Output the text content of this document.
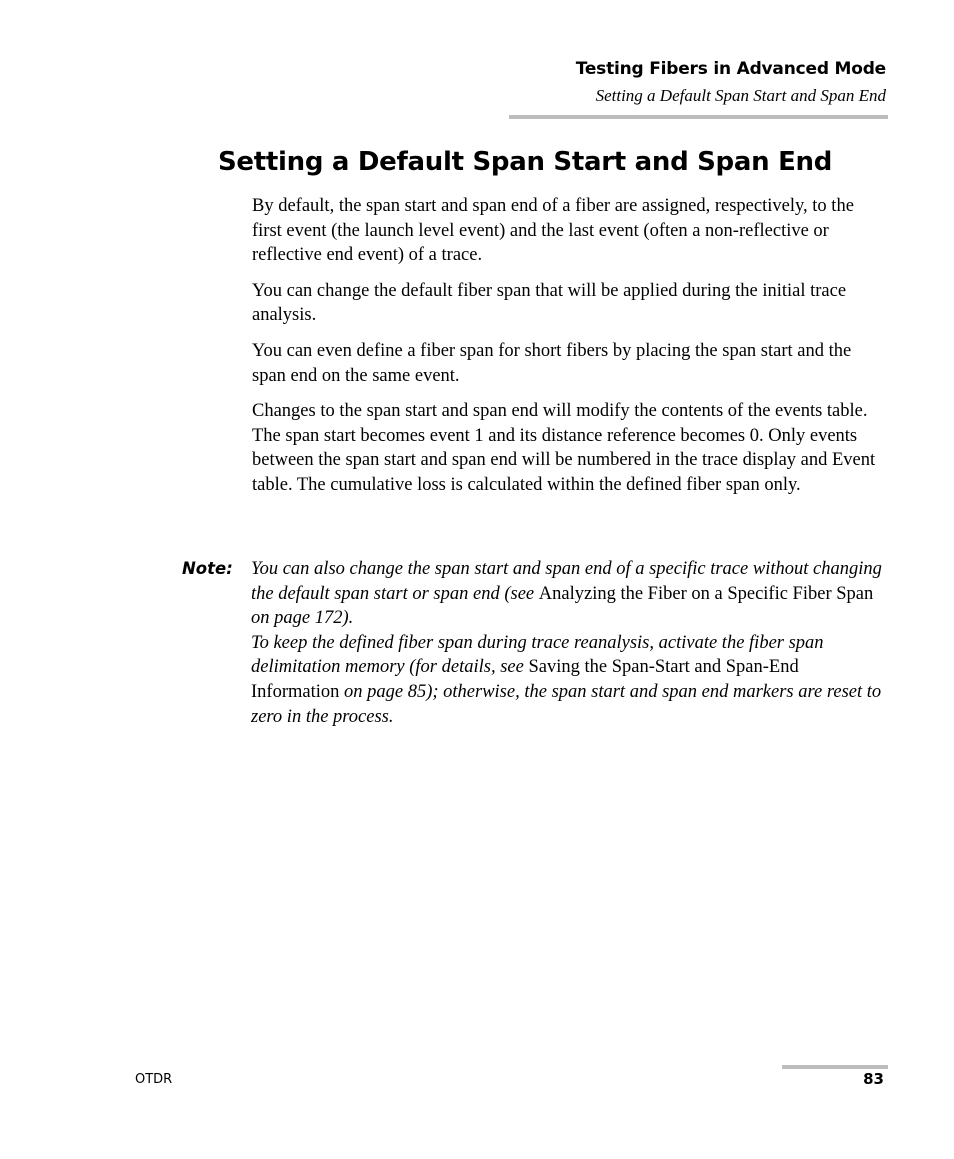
Testing Fibers in Advanced Mode
Setting a Default Span Start and Span End
Setting a Default Span Start and Span End

By default, the span start and span end of a fiber are assigned, respectively, to the first event (the launch level event) and the last event (often a non-reflective or reflective end event) of a trace.

You can change the default fiber span that will be applied during the initial trace analysis.

You can even define a fiber span for short fibers by placing the span start and the span end on the same event.

Changes to the span start and span end will modify the contents of the events table. The span start becomes event 1 and its distance reference becomes 0. Only events between the span start and span end will be numbered in the trace display and Event table. The cumulative loss is calculated within the defined fiber span only.

Note: You can also change the span start and span end of a specific trace without changing the default span start or span end (see Analyzing the Fiber on a Specific Fiber Span on page 172).
To keep the defined fiber span during trace reanalysis, activate the fiber span delimitation memory (for details, see Saving the Span-Start and Span-End Information on page 85); otherwise, the span start and span end markers are reset to zero in the process.
OTDR	83
